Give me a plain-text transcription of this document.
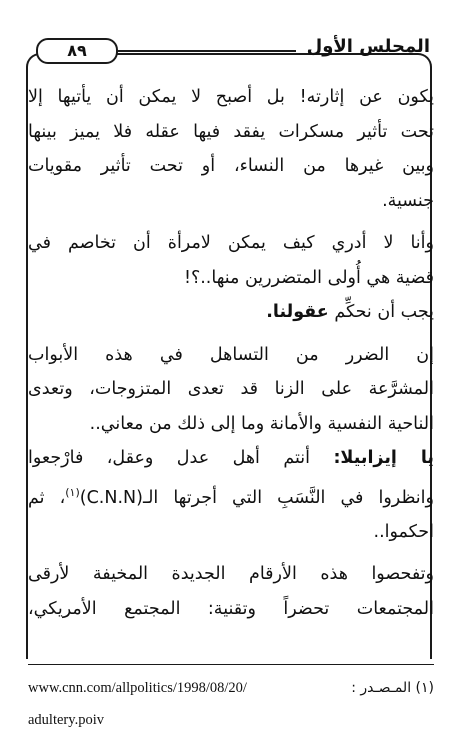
٨٩	المجلس الأول

يكون عن إثارته! بل أصبح لا يمكن أن يأتيها إلا
تحت تأثير مسكرات يفقد فيها عقله فلا يميز بينها
وبين غيرها من النساء، أو تحت تأثير مقويات
جنسية.

وأنا لا أدري كيف يمكن لامرأة أن تخاصم في
قضية هي أُولى المتضررين منها..؟!

يجب أن نحكِّم عقولنا.

إن الضرر من التساهل في هذه الأبواب
المشرَّعة على الزنا قد تعدى المتزوجات، وتعدى
الناحية النفسية والأمانة وما إلى ذلك من معاني..

يا إيزابيلا: أنتم أهل عدل وعقل، فارْجعوا
وانظروا في النَّسَبِ التي أجرتها $الـ(C.N.N)^{(١)}،$ ثم
احكموا..

وتفحصوا هذه الأرقام الجديدة المخيفة لأرقى
المجتمعات تحضراً وتقنية: المجتمع الأمريكي،

www.cnn.com/allpolitics/1998/08/20/	(١) المـصـدر :
adultery.poiv
